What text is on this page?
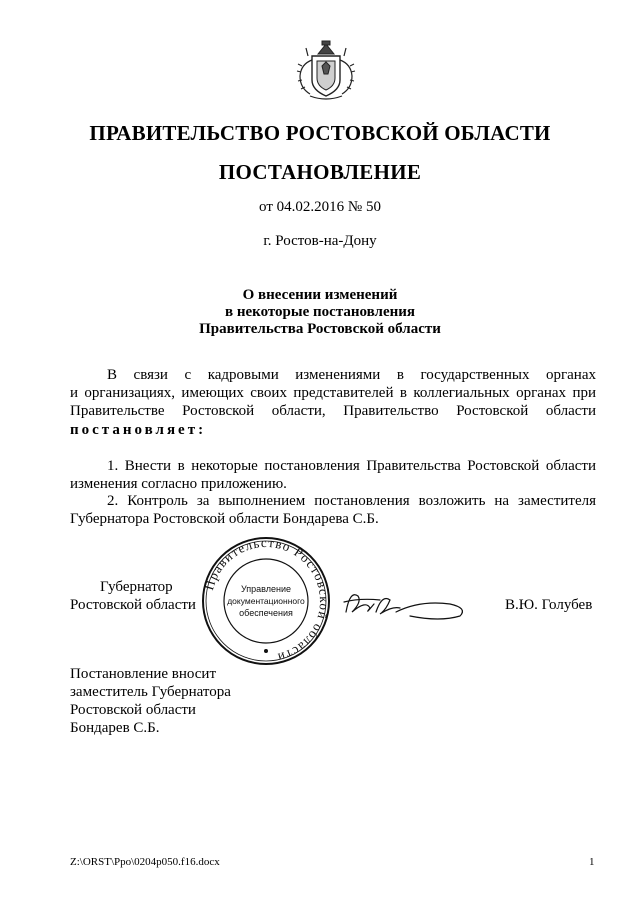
ПРАВИТЕЛЬСТВО РОСТОВСКОЙ ОБЛАСТИ
ПОСТАНОВЛЕНИЕ
от 04.02.2016 № 50
г. Ростов-на-Дону
О внесении изменений
в некоторые постановления
Правительства Ростовской области
В связи с кадровыми изменениями в государственных органах
и организациях, имеющих своих представителей в коллегиальных органах при
Правительстве Ростовской области, Правительство Ростовской области
постановляет:
1. Внести в некоторые постановления Правительства Ростовской области
изменения согласно приложению.
2. Контроль за выполнением постановления возложить на заместителя
Губернатора Ростовской области Бондарева С.Б.
Губернатор
Ростовской области	В.Ю. Голубев
Правительство Ростовской области
Управление
документационного
обеспечения
Постановление вносит
заместитель Губернатора
Ростовской области
Бондарев С.Б.
Z:\ORST\Ppo\0204p050.f16.docx	1
